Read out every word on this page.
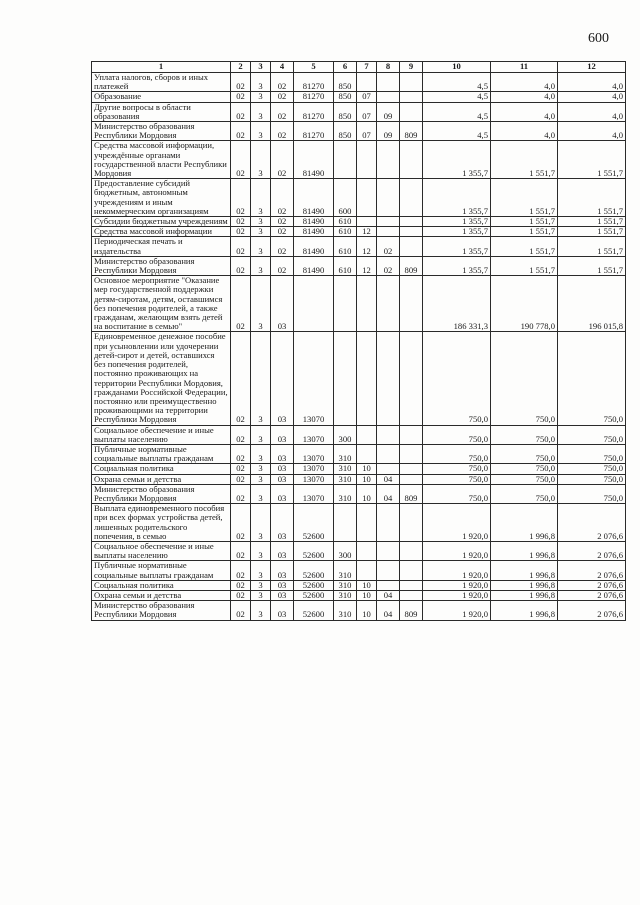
600
1	2	3	4	5	6	7	8	9	10	11	12
Уплата налогов, сборов и иных платежей	02	3	02	81270	850				4,5	4,0	4,0
Образование	02	3	02	81270	850	07			4,5	4,0	4,0
Другие вопросы в области образования	02	3	02	81270	850	07	09		4,5	4,0	4,0
Министерство образования Республики Мордовия	02	3	02	81270	850	07	09	809	4,5	4,0	4,0
Средства массовой информации, учреждённые органами государственной власти Республики Мордовия	02	3	02	81490					1 355,7	1 551,7	1 551,7
Предоставление субсидий бюджетным, автономным учреждениям и иным некоммерческим организациям	02	3	02	81490	600				1 355,7	1 551,7	1 551,7
Субсидии бюджетным учреждениям	02	3	02	81490	610				1 355,7	1 551,7	1 551,7
Средства массовой информации	02	3	02	81490	610	12			1 355,7	1 551,7	1 551,7
Периодическая печать и издательства	02	3	02	81490	610	12	02		1 355,7	1 551,7	1 551,7
Министерство образования Республики Мордовия	02	3	02	81490	610	12	02	809	1 355,7	1 551,7	1 551,7
Основное мероприятие "Оказание мер государственной поддержки детям-сиротам, детям, оставшимся без попечения родителей, а также гражданам, желающим взять детей на воспитание в семью"	02	3	03						186 331,3	190 778,0	196 015,8
Единовременное денежное пособие при усыновлении или удочерении детей-сирот и детей, оставшихся без попечения родителей, постоянно проживающих на территории Республики Мордовия, гражданами Российской Федерации, постоянно или преимущественно проживающими на территории Республики Мордовия	02	3	03	13070					750,0	750,0	750,0
Социальное обеспечение и иные выплаты населению	02	3	03	13070	300				750,0	750,0	750,0
Публичные нормативные социальные выплаты гражданам	02	3	03	13070	310				750,0	750,0	750,0
Социальная политика	02	3	03	13070	310	10			750,0	750,0	750,0
Охрана семьи и детства	02	3	03	13070	310	10	04		750,0	750,0	750,0
Министерство образования Республики Мордовия	02	3	03	13070	310	10	04	809	750,0	750,0	750,0
Выплата единовременного пособия при всех формах устройства детей, лишенных родительского попечения, в семью	02	3	03	52600					1 920,0	1 996,8	2 076,6
Социальное обеспечение и иные выплаты населению	02	3	03	52600	300				1 920,0	1 996,8	2 076,6
Публичные нормативные социальные выплаты гражданам	02	3	03	52600	310				1 920,0	1 996,8	2 076,6
Социальная политика	02	3	03	52600	310	10			1 920,0	1 996,8	2 076,6
Охрана семьи и детства	02	3	03	52600	310	10	04		1 920,0	1 996,8	2 076,6
Министерство образования Республики Мордовия	02	3	03	52600	310	10	04	809	1 920,0	1 996,8	2 076,6
